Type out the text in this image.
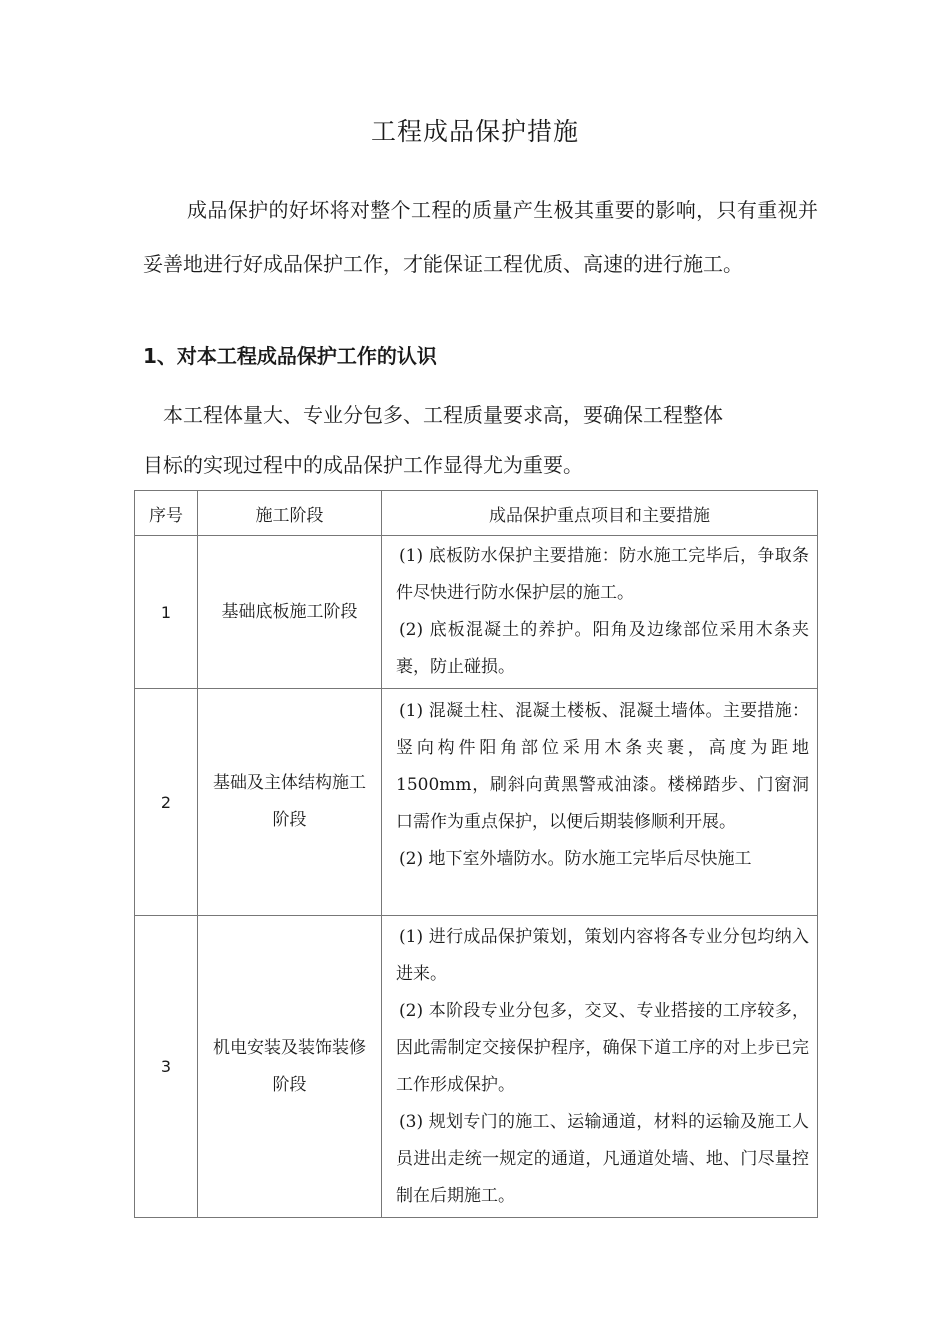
工程成品保护措施

成品保护的好坏将对整个工程的质量产生极其重要的影响，只有重视并妥善地进行好成品保护工作，才能保证工程优质、高速的进行施工。

1、对本工程成品保护工作的认识

本工程体量大、专业分包多、工程质量要求高，要确保工程整体
目标的实现过程中的成品保护工作显得尤为重要。

序号	施工阶段	成品保护重点项目和主要措施
1	基础底板施工阶段	(1) 底板防水保护主要措施：防水施工完毕后，争取条件尽快进行防水保护层的施工。

(2) 底板混凝土的养护。阳角及边缘部位采用木条夹裹，防止碰损。

2	基础及主体结构施工阶段	(1) 混凝土柱、混凝土楼板、混凝土墙体。主要措施：竖向构件阳角部位采用木条夹裹，高度为距地1500mm，刷斜向黄黑警戒油漆。楼梯踏步、门窗洞口需作为重点保护，以便后期装修顺利开展。

(2) 地下室外墙防水。防水施工完毕后尽快施工

3	机电安装及装饰装修阶段	(1) 进行成品保护策划，策划内容将各专业分包均纳入进来。

(2) 本阶段专业分包多，交叉、专业搭接的工序较多，因此需制定交接保护程序，确保下道工序的对上步已完工作形成保护。

(3) 规划专门的施工、运输通道，材料的运输及施工人员进出走统一规定的通道，凡通道处墙、地、门尽量控制在后期施工。
